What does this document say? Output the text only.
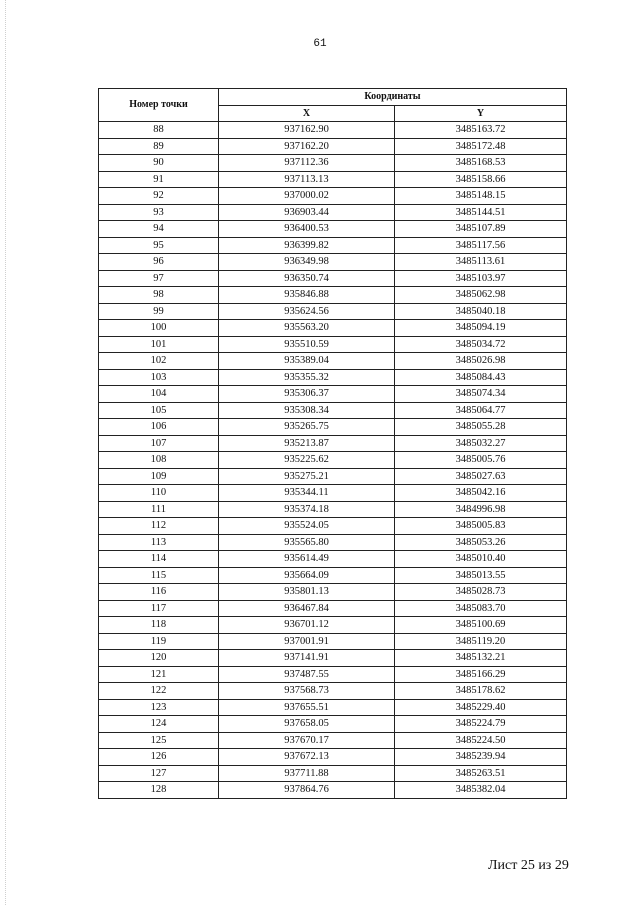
61
Номер точки	Координаты	
	X	Y
88	937162.90	3485163.72
89	937162.20	3485172.48
90	937112.36	3485168.53
91	937113.13	3485158.66
92	937000.02	3485148.15
93	936903.44	3485144.51
94	936400.53	3485107.89
95	936399.82	3485117.56
96	936349.98	3485113.61
97	936350.74	3485103.97
98	935846.88	3485062.98
99	935624.56	3485040.18
100	935563.20	3485094.19
101	935510.59	3485034.72
102	935389.04	3485026.98
103	935355.32	3485084.43
104	935306.37	3485074.34
105	935308.34	3485064.77
106	935265.75	3485055.28
107	935213.87	3485032.27
108	935225.62	3485005.76
109	935275.21	3485027.63
110	935344.11	3485042.16
111	935374.18	3484996.98
112	935524.05	3485005.83
113	935565.80	3485053.26
114	935614.49	3485010.40
115	935664.09	3485013.55
116	935801.13	3485028.73
117	936467.84	3485083.70
118	936701.12	3485100.69
119	937001.91	3485119.20
120	937141.91	3485132.21
121	937487.55	3485166.29
122	937568.73	3485178.62
123	937655.51	3485229.40
124	937658.05	3485224.79
125	937670.17	3485224.50
126	937672.13	3485239.94
127	937711.88	3485263.51
128	937864.76	3485382.04
Лист 25 из 29
